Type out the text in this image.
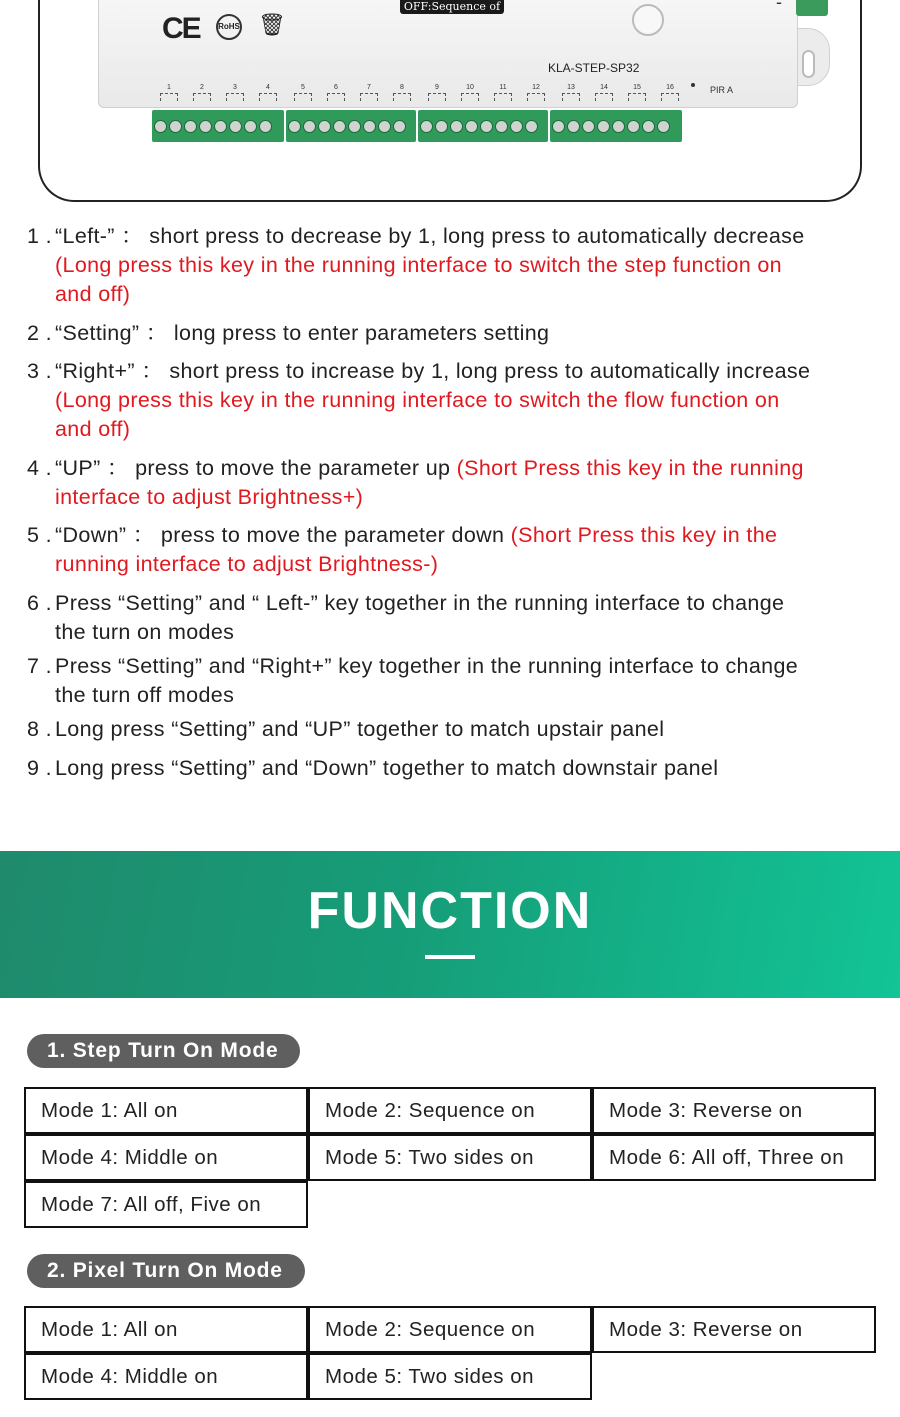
CE RoHS 🗑︎
OFF:Sequence of	-
KLA-STEP-SP32
PIR A
1	2	3	4	5	6	7	8	9	10	11	12	13	14	15	16
1 . “Left-” ： short press to decrease by 1, long press to automatically decrease
(Long press this key in the running interface to switch the step function on
and off)
2 . “Setting” ： long press to enter parameters setting
3 . “Right+” ： short press to increase by 1, long press to automatically increase
(Long press this key in the running interface to switch the flow function on
and off)
4 . “UP” ： press to move the parameter up (Short Press this key in the running
interface to adjust Brightness+)
5 . “Down” ： press to move the parameter down (Short Press this key in the
running interface to adjust Brightness-)
6 . Press “Setting” and “ Left-” key together in the running interface to change
the turn on modes
7 . Press “Setting” and “Right+” key together in the running interface to change
the turn off modes
8 . Long press “Setting” and “UP” together to match upstair panel
9 . Long press “Setting” and “Down” together to match downstair panel
FUNCTION
1. Step Turn On Mode
Mode 1: All on	Mode 2: Sequence on	Mode 3: Reverse on
Mode 4: Middle on	Mode 5: Two sides on	Mode 6: All off, Three on
Mode 7: All off, Five on
2. Pixel Turn On Mode
Mode 1: All on	Mode 2: Sequence on	Mode 3: Reverse on
Mode 4: Middle on	Mode 5: Two sides on
